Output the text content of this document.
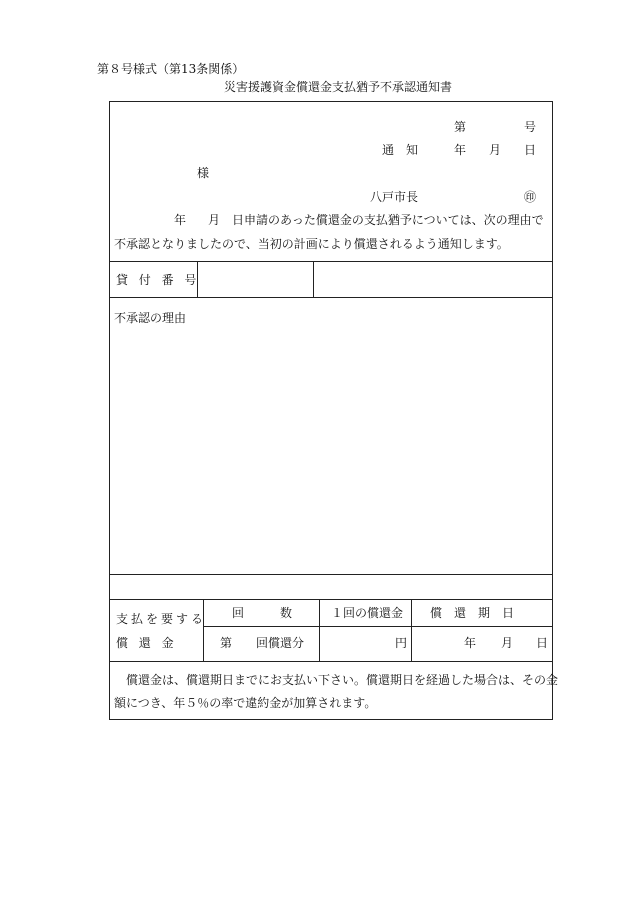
第８号様式（第13条関係）
災害援護資金償還金支払猶予不承認通知書
第	号
通　知	年 月 日
様
八戸市長	㊞
年 月 日申請のあった償還金の支払猶予については、次の理由で
不承認となりましたので、当初の計画により償還されるよう通知します。
貸付番号
不承認の理由
支払を要する
償還金
回　　　数	１回の償還金 償　還　期　日
第 回償還分	円	年 月 日
　償還金は、償還期日までにお支払い下さい。償還期日を経過した場合は、その金
額につき、年５％の率で違約金が加算されます。
